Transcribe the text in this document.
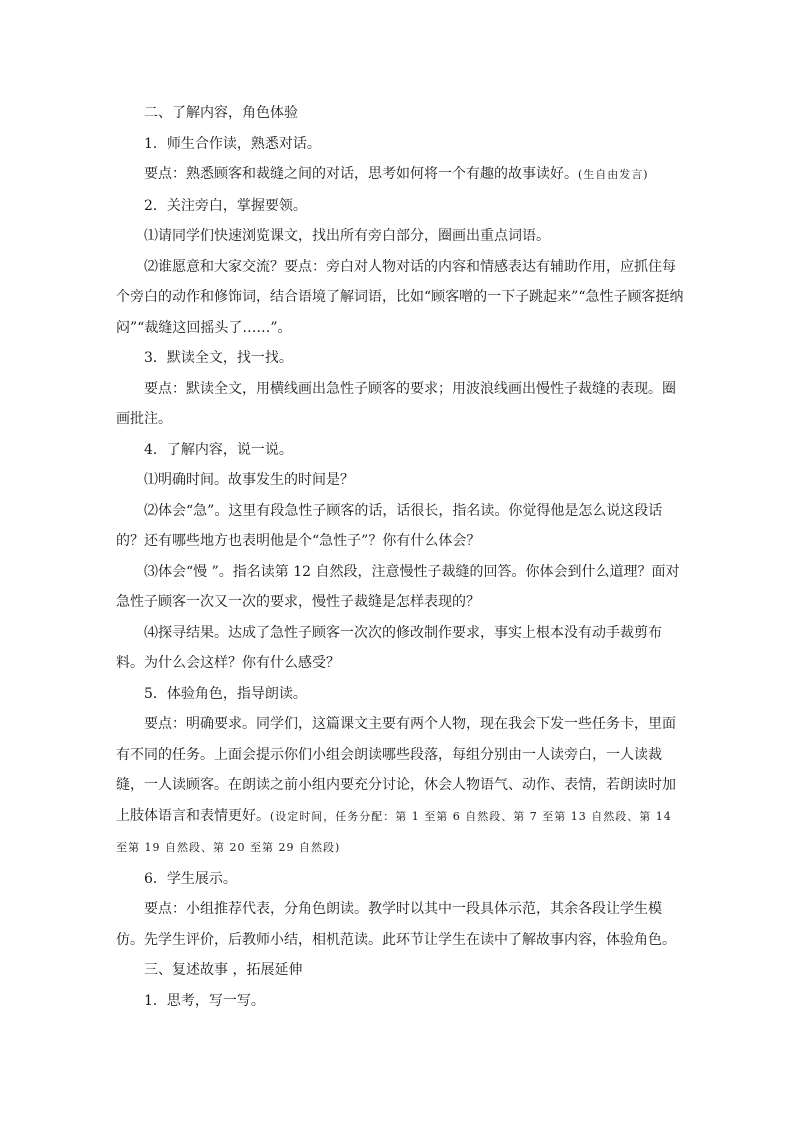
二、了解内容，角色体验

1．师生合作读，熟悉对话。

要点：熟悉顾客和裁缝之间的对话，思考如何将一个有趣的故事读好。(生自由发言)

2．关注旁白，掌握要领。

⑴请同学们快速浏览课文，找出所有旁白部分，圈画出重点词语。

⑵谁愿意和大家交流？要点：旁白对人物对话的内容和情感表达有辅助作用，应抓住每个旁白的动作和修饰词，结合语境了解词语，比如“顾客噌的一下子跳起来”“急性子顾客挺纳闷”“裁缝这回摇头了……”。

3．默读全文，找一找。

要点：默读全文，用横线画出急性子顾客的要求；用波浪线画出慢性子裁缝的表现。圈画批注。

4．了解内容，说一说。

⑴明确时间。故事发生的时间是？

⑵体会“急”。这里有段急性子顾客的话，话很长，指名读。你觉得他是怎么说这段话的？还有哪些地方也表明他是个“急性子”？你有什么体会？

⑶体会“慢 ”。指名读第 12 自然段，注意慢性子裁缝的回答。你体会到什么道理？面对急性子顾客一次又一次的要求，慢性子裁缝是怎样表现的？

⑷探寻结果。达成了急性子顾客一次次的修改制作要求，事实上根本没有动手裁剪布料。为什么会这样？你有什么感受？

5．体验角色，指导朗读。

要点：明确要求。同学们，这篇课文主要有两个人物，现在我会下发一些任务卡，里面有不同的任务。上面会提示你们小组会朗读哪些段落，每组分别由一人读旁白，一人读裁缝，一人读顾客。在朗读之前小组内要充分讨论，休会人物语气、动作、表情，若朗读时加上肢体语言和表情更好。(设定时间，任务分配：第 1 至第 6 自然段、第 7 至第 13 自然段、第 14 至第 19 自然段、第 20 至第 29 自然段)

6．学生展示。

要点：小组推荐代表，分角色朗读。教学时以其中一段具体示范，其余各段让学生模仿。先学生评价，后教师小结，相机范读。此环节让学生在读中了解故事内容，体验角色。

三、复述故事 ，拓展延伸

1．思考，写一写。
